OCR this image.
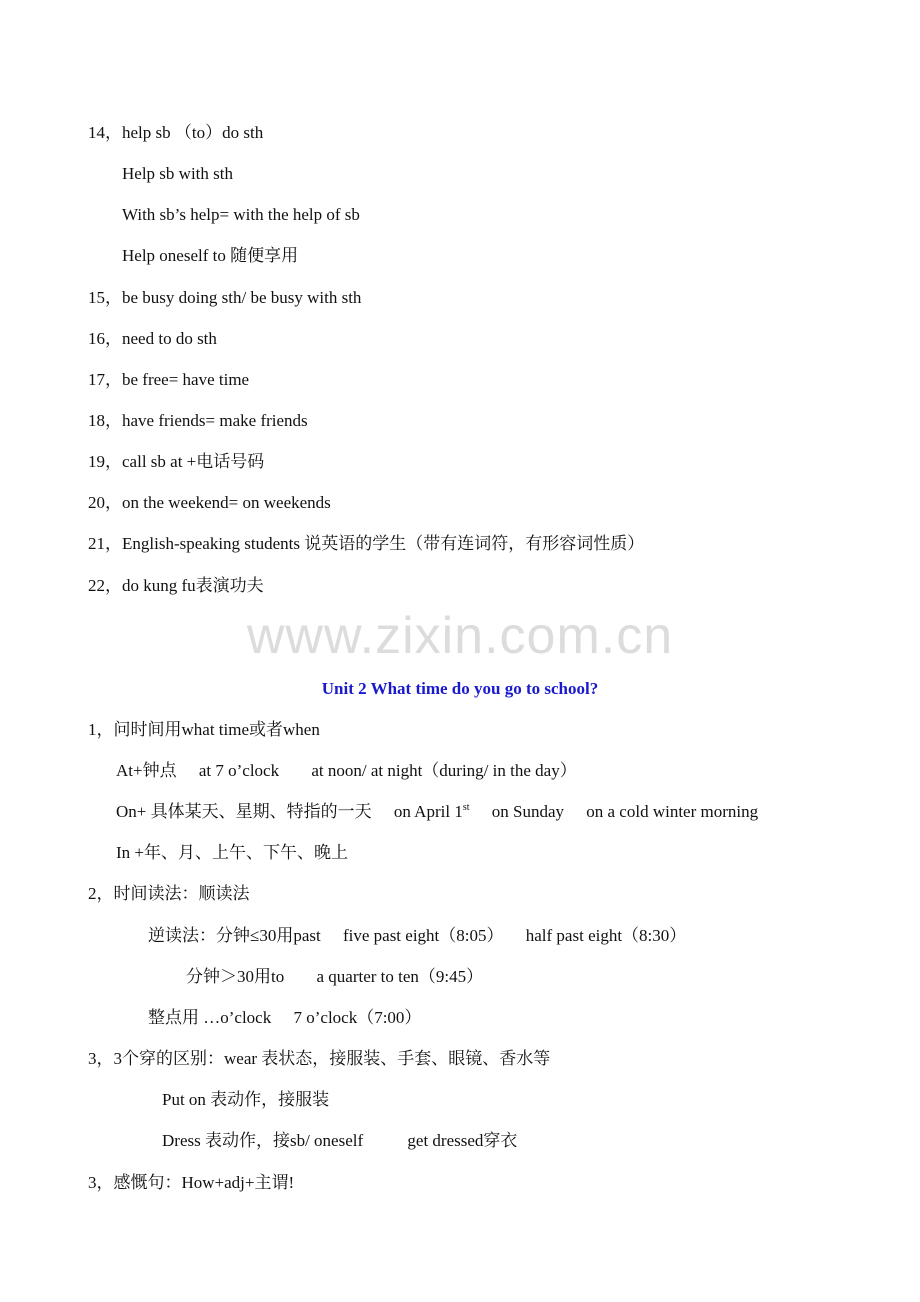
14，help sb （to）do sth
Help sb with sth
With sb’s help= with the help of sb
Help oneself to 随便享用
15，be busy doing sth/ be busy with sth
16，need to do sth
17，be free= have time
18，have friends= make friends
19，call sb at +电话号码
20，on the weekend= on weekends
21，English-speaking students 说英语的学生（带有连词符，有形容词性质）
22，do kung fu表演功夫
www.zixin.com.cn
Unit 2 What time do you go to school?
1，问时间用what time或者when
At+钟点 at 7 o’clock at noon/ at night（during/ in the day）
On+ 具体某天、星期、特指的一天 on April 1st on Sunday on a cold winter morning
In +年、月、上午、下午、晚上
2，时间读法：顺读法
逆读法：分钟≤30用past five past eight（8:05） half past eight（8:30）
分钟＞30用to a quarter to ten（9:45）
整点用 …o’clock 7 o’clock（7:00）
3，3个穿的区别：wear 表状态，接服装、手套、眼镜、香水等
Put on 表动作，接服装
Dress 表动作，接sb/ oneself	get dressed穿衣
3，感慨句：How+adj+主谓!
